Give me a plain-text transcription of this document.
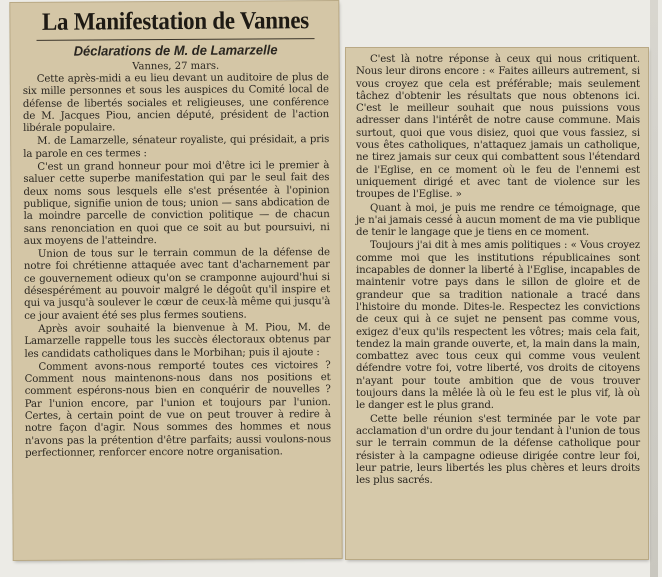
La Manifestation de Vannes
Déclarations de M. de Lamarzelle
Vannes, 27 mars.

Cette après-midi a eu lieu devant un auditoire de plus de six mille personnes et sous les auspices du Comité local de défense de libertés sociales et religieuses, une conférence de M. Jacques Piou, ancien député, président de l'action libérale populaire.

M. de Lamarzelle, sénateur royaliste, qui présidait, a pris la parole en ces termes :

C'est un grand honneur pour moi d'être ici le premier à saluer cette superbe manifestation qui par le seul fait des deux noms sous lesquels elle s'est présentée à l'opinion publique, signifie union de tous; union — sans abdication de la moindre parcelle de conviction politique — de chacun sans renonciation en quoi que ce soit au but poursuivi, ni aux moyens de l'atteindre.

Union de tous sur le terrain commun de la défense de notre foi chrétienne attaquée avec tant d'acharnement par ce gouvernement odieux qu'on se cramponne aujourd'hui si désespérément au pouvoir malgré le dégoût qu'il inspire et qui va jusqu'à soulever le cœur de ceux-là même qui jusqu'à ce jour avaient été ses plus fermes soutiens.

Après avoir souhaité la bienvenue à M. Piou, M. de Lamarzelle rappelle tous les succès électoraux obtenus par les candidats catholiques dans le Morbihan; puis il ajoute :

Comment avons-nous remporté toutes ces victoires ? Comment nous maintenons-nous dans nos positions et comment espérons-nous bien en conquérir de nouvelles ? Par l'union encore, par l'union et toujours par l'union. Certes, à certain point de vue on peut trouver à redire à notre façon d'agir. Nous sommes des hommes et nous n'avons pas la prétention d'être parfaits; aussi voulons-nous perfectionner, renforcer encore notre organisation.

C'est là notre réponse à ceux qui nous critiquent. Nous leur dirons encore : « Faites ailleurs autrement, si vous croyez que cela est préférable; mais seulement tâchez d'obtenir les résultats que nous obtenons ici. C'est le meilleur souhait que nous puissions vous adresser dans l'intérêt de notre cause commune. Mais surtout, quoi que vous disiez, quoi que vous fassiez, si vous êtes catholiques, n'attaquez jamais un catholique, ne tirez jamais sur ceux qui combattent sous l'étendard de l'Eglise, en ce moment où le feu de l'ennemi est uniquement dirigé et avec tant de violence sur les troupes de l'Eglise. »

Quant à moi, je puis me rendre ce témoignage, que je n'ai jamais cessé à aucun moment de ma vie publique de tenir le langage que je tiens en ce moment.

Toujours j'ai dit à mes amis politiques : « Vous croyez comme moi que les institutions républicaines sont incapables de donner la liberté à l'Eglise, incapables de maintenir votre pays dans le sillon de gloire et de grandeur que sa tradition nationale a tracé dans l'histoire du monde. Dites-le. Respectez les convictions de ceux qui à ce sujet ne pensent pas comme vous, exigez d'eux qu'ils respectent les vôtres; mais cela fait, tendez la main grande ouverte, et, la main dans la main, combattez avec tous ceux qui comme vous veulent défendre votre foi, votre liberté, vos droits de citoyens n'ayant pour toute ambition que de vous trouver toujours dans la mêlée là où le feu est le plus vif, là où le danger est le plus grand.

Cette belle réunion s'est terminée par le vote par acclamation d'un ordre du jour tendant à l'union de tous sur le terrain commun de la défense catholique pour résister à la campagne odieuse dirigée contre leur foi, leur patrie, leurs libertés les plus chères et leurs droits les plus sacrés.
